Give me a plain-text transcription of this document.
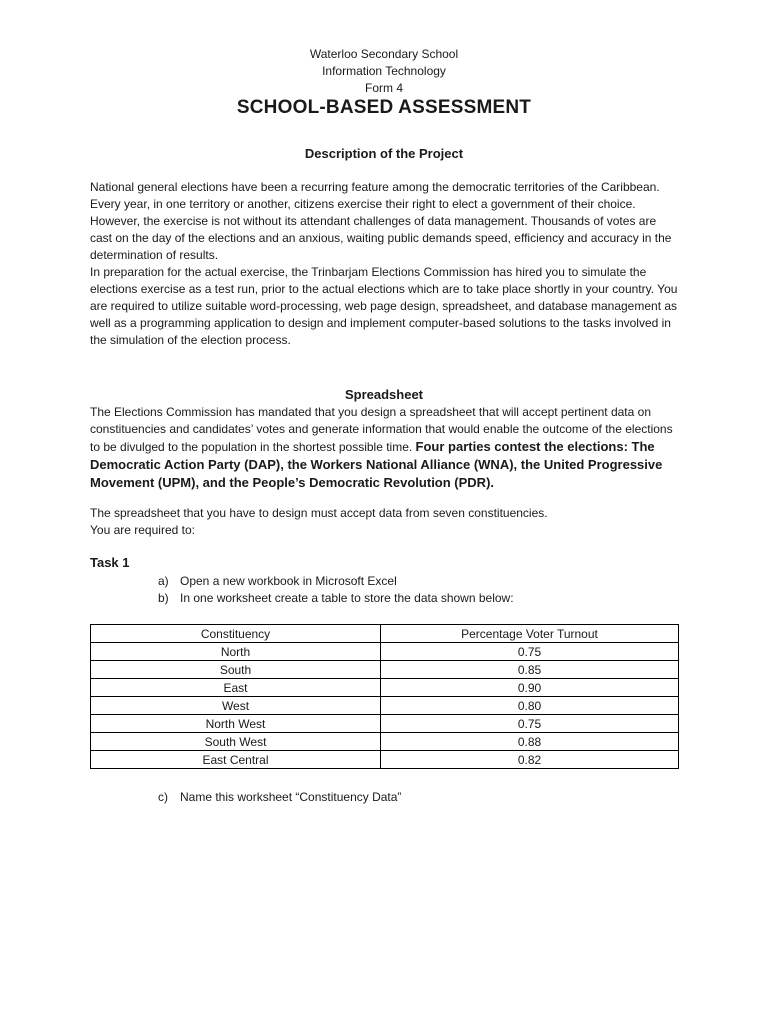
Waterloo Secondary School
Information Technology
Form 4
SCHOOL-BASED ASSESSMENT
Description of the Project

National general elections have been a recurring feature among the democratic territories of the Caribbean. Every year, in one territory or another, citizens exercise their right to elect a government of their choice. However, the exercise is not without its attendant challenges of data management. Thousands of votes are cast on the day of the elections and an anxious, waiting public demands speed, efficiency and accuracy in the determination of results.
In preparation for the actual exercise, the Trinbarjam Elections Commission has hired you to simulate the elections exercise as a test run, prior to the actual elections which are to take place shortly in your country. You are required to utilize suitable word-processing, web page design, spreadsheet, and database management as well as a programming application to design and implement computer-based solutions to the tasks involved in the simulation of the election process.

Spreadsheet

The Elections Commission has mandated that you design a spreadsheet that will accept pertinent data on constituencies and candidates’ votes and generate information that would enable the outcome of the elections to be divulged to the population in the shortest possible time. Four parties contest the elections: The Democratic Action Party (DAP), the Workers National Alliance (WNA), the United Progressive Movement (UPM), and the People’s Democratic Revolution (PDR).

The spreadsheet that you have to design must accept data from seven constituencies.
You are required to:

Task 1
a) Open a new workbook in Microsoft Excel
b) In one worksheet create a table to store the data shown below:
Constituency	Percentage Voter Turnout
North	0.75
South	0.85
East	0.90
West	0.80
North West	0.75
South West	0.88
East Central	0.82
c)	Name this worksheet “Constituency Data”
